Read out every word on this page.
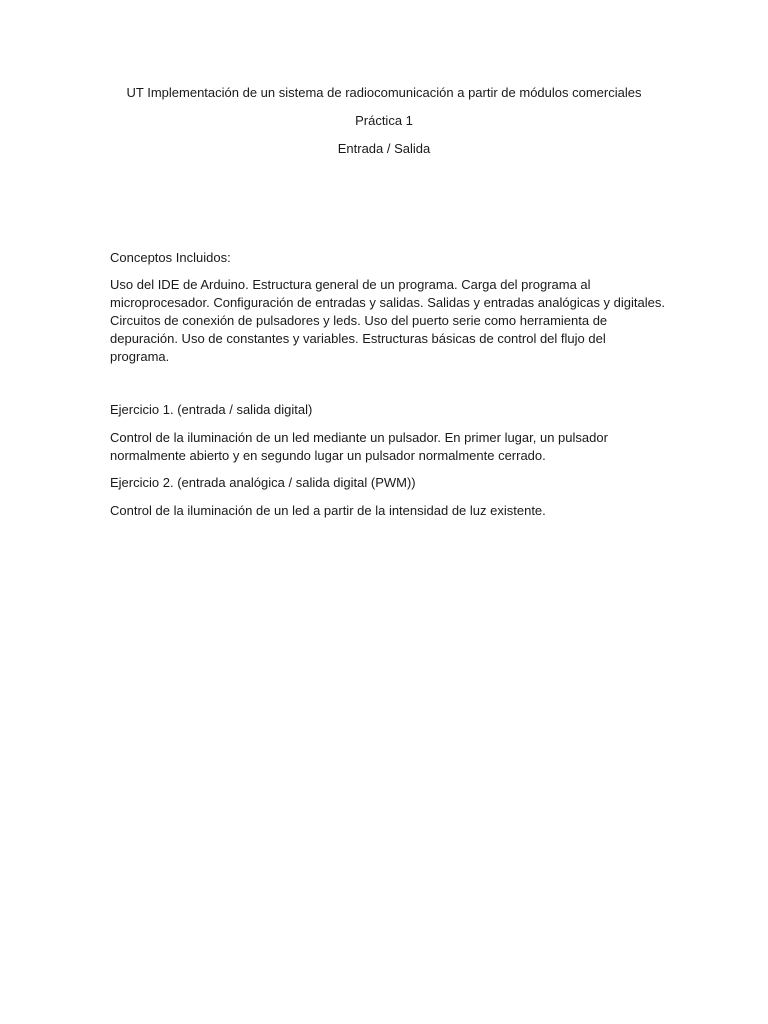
UT Implementación de un sistema de radiocomunicación a partir de módulos comerciales
Práctica 1
Entrada / Salida
Conceptos Incluidos:
Uso del IDE de Arduino. Estructura general de un programa. Carga del programa al
microprocesador. Configuración de entradas y salidas. Salidas y entradas analógicas y digitales.
Circuitos de conexión de pulsadores y leds. Uso del puerto serie como herramienta de
depuración. Uso de constantes y variables. Estructuras básicas de control del flujo del
programa.
Ejercicio 1. (entrada / salida digital)
Control de la iluminación de un led mediante un pulsador. En primer lugar, un pulsador
normalmente abierto y en segundo lugar un pulsador normalmente cerrado.
Ejercicio 2. (entrada analógica / salida digital (PWM))
Control de la iluminación de un led a partir de la intensidad de luz existente.
